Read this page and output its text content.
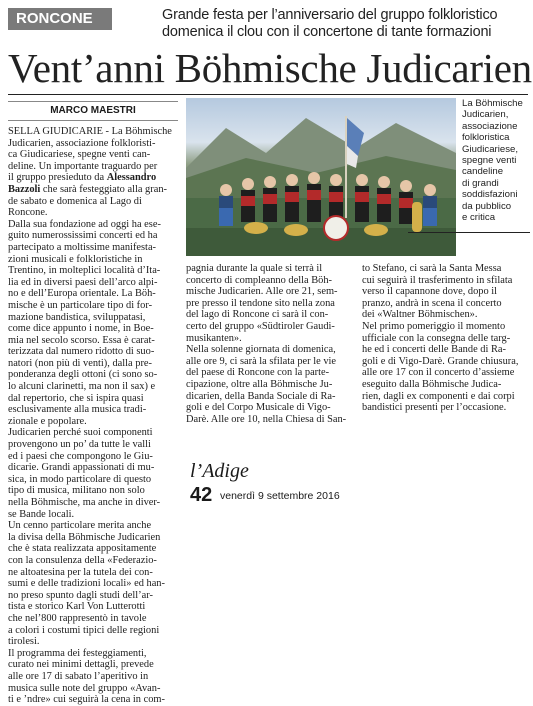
RONCONE	Grande festa per l’anniversario del gruppo folkloristico
domenica il clou con il concertone di tante formazioni
Vent’anni Böhmische Judicarien
MARCO MAESTRI
SELLA GIUDICARIE - La Böhmische
Judicarien, associazione folkloristi-
ca Giudicariese, spegne venti can-
deline. Un importante traguardo per
il gruppo presieduto da Alessandro
Bazzoli che sarà festeggiato alla gran-
de sabato e domenica al Lago di
Roncone.
Dalla sua fondazione ad oggi ha ese-
guito numerossissimi concerti ed ha
partecipato a moltissime manifesta-
zioni musicali e folkloristiche in
Trentino, in molteplici località d’Ita-
lia ed in diversi paesi dell’arco alpi-
no e dell’Europa orientale. La Böh-
mische è un particolare tipo di for-
mazione bandistica, sviluppatasi,
come dice appunto i nome, in Boe-
mia nel secolo scorso. Essa è carat-
terizzata dal numero ridotto di suo-
natori (non più di venti), dalla pre-
ponderanza degli ottoni (ci sono so-
lo alcuni clarinetti, ma non il sax) e
dal repertorio, che si ispira quasi
esclusivamente alla musica tradi-
zionale e popolare.
Judicarien perché suoi componenti
provengono un po’ da tutte le valli
ed i paesi che compongono le Giu-
dicarie. Grandi appassionati di mu-
sica, in modo particolare di questo
tipo di musica, militano non solo
nella Böhmische, ma anche in diver-
se Bande locali.
Un cenno particolare merita anche
la divisa della Böhmische Judicarien
che è stata realizzata appositamente
con la consulenza della «Federazio-
ne altoatesina per la tutela dei con-
sumi e delle tradizioni locali» ed han-
no preso spunto dagli studi dell’ar-
tista e storico Karl Von Lutterotti
che nel’800 rappresentò in tavole
a colori i costumi tipici delle regioni
tirolesi.
Il programma dei festeggiamenti,
curato nei minimi dettagli, prevede
alle ore 17 di sabato l’aperitivo in
musica sulle note del gruppo «Avan-
ti e ’ndre» cui seguirà la cena in com-
La Böhmische
Judicarien,
associazione
folkloristica
Giudicariese,
spegne venti
candeline
di grandi
soddisfazioni
da pubblico
e critica
pagnia durante la quale si terrà il
concerto di compleanno della Böh-
mische Judicarien. Alle ore 21, sem-
pre presso il tendone sito nella zona
del lago di Roncone ci sarà il con-
certo del gruppo «Südtiroler Gaudi-
musikanten».
Nella solenne giornata di domenica,
alle ore 9, ci sarà la sfilata per le vie
del paese di Roncone con la parte-
cipazione, oltre alla Böhmische Ju-
dicarien, della Banda Sociale di Ra-
goli e del Corpo Musicale di Vigo-
Darè. Alle ore 10, nella Chiesa di San-
to Stefano, ci sarà la Santa Messa
cui seguirà il trasferimento in sfilata
verso il capannone dove, dopo il
pranzo, andrà in scena il concerto
dei «Waltner Böhmischen».
Nel primo pomeriggio il momento
ufficiale con la consegna delle targ-
he ed i concerti delle Bande di Ra-
goli e di Vigo-Darè. Grande chiusura,
alle ore 17 con il concerto d’assieme
eseguito dalla Böhmische Judica-
rien, dagli ex componenti e dai corpi
bandistici presenti per l’occasione.
l’Adige
42 venerdì 9 settembre 2016
